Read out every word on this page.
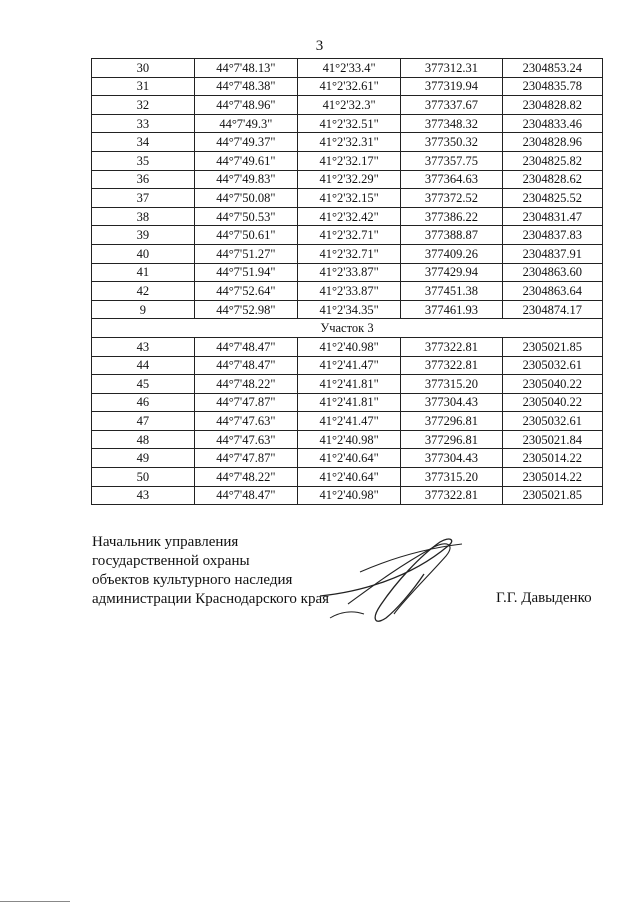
3
30	44°7'48.13"	41°2'33.4"	377312.31	2304853.24
31	44°7'48.38"	41°2'32.61"	377319.94	2304835.78
32	44°7'48.96"	41°2'32.3"	377337.67	2304828.82
33	44°7'49.3"	41°2'32.51"	377348.32	2304833.46
34	44°7'49.37"	41°2'32.31"	377350.32	2304828.96
35	44°7'49.61"	41°2'32.17"	377357.75	2304825.82
36	44°7'49.83"	41°2'32.29"	377364.63	2304828.62
37	44°7'50.08"	41°2'32.15"	377372.52	2304825.52
38	44°7'50.53"	41°2'32.42"	377386.22	2304831.47
39	44°7'50.61"	41°2'32.71"	377388.87	2304837.83
40	44°7'51.27"	41°2'32.71"	377409.26	2304837.91
41	44°7'51.94"	41°2'33.87"	377429.94	2304863.60
42	44°7'52.64"	41°2'33.87"	377451.38	2304863.64
9	44°7'52.98"	41°2'34.35"	377461.93	2304874.17
Участок 3				
43	44°7'48.47"	41°2'40.98"	377322.81	2305021.85
44	44°7'48.47"	41°2'41.47"	377322.81	2305032.61
45	44°7'48.22"	41°2'41.81"	377315.20	2305040.22
46	44°7'47.87"	41°2'41.81"	377304.43	2305040.22
47	44°7'47.63"	41°2'41.47"	377296.81	2305032.61
48	44°7'47.63"	41°2'40.98"	377296.81	2305021.84
49	44°7'47.87"	41°2'40.64"	377304.43	2305014.22
50	44°7'48.22"	41°2'40.64"	377315.20	2305014.22
43	44°7'48.47"	41°2'40.98"	377322.81	2305021.85
Начальник управления
государственной охраны
объектов культурного наследия
администрации Краснодарского края	Г.Г. Давыденко
